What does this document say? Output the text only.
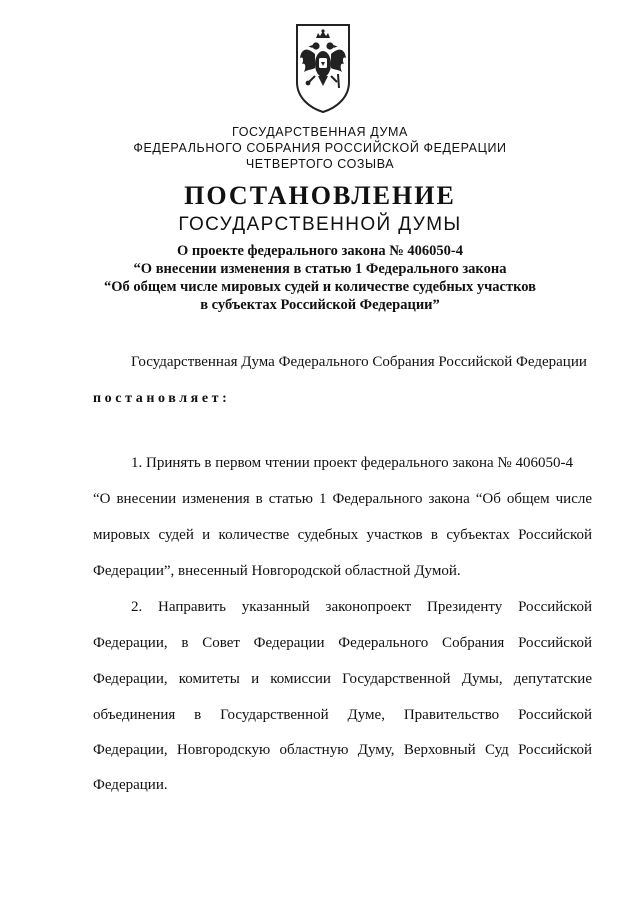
ГОСУДАРСТВЕННАЯ ДУМА
ФЕДЕРАЛЬНОГО СОБРАНИЯ РОССИЙСКОЙ ФЕДЕРАЦИИ
ЧЕТВЕРТОГО СОЗЫВА
ПОСТАНОВЛЕНИЕ
ГОСУДАРСТВЕННОЙ ДУМЫ
О проекте федерального закона № 406050-4
“О внесении изменения в статью 1 Федерального закона
“Об общем числе мировых судей и количестве судебных участков
в субъектах Российской Федерации”
Государственная Дума Федерального Собрания Российской Федерации
постановляет:
1. Принять в первом чтении проект федерального закона № 406050-4
“О внесении изменения в статью 1 Федерального закона “Об общем числе
мировых судей и количестве судебных участков в субъектах Российской
Федерации”, внесенный Новгородской областной Думой.
2. Направить указанный законопроект Президенту Российской
Федерации, в Совет Федерации Федерального Собрания Российской
Федерации, комитеты и комиссии Государственной Думы, депутатские
объединения в Государственной Думе, Правительство Российской
Федерации, Новгородскую областную Думу, Верховный Суд Российской
Федерации.
